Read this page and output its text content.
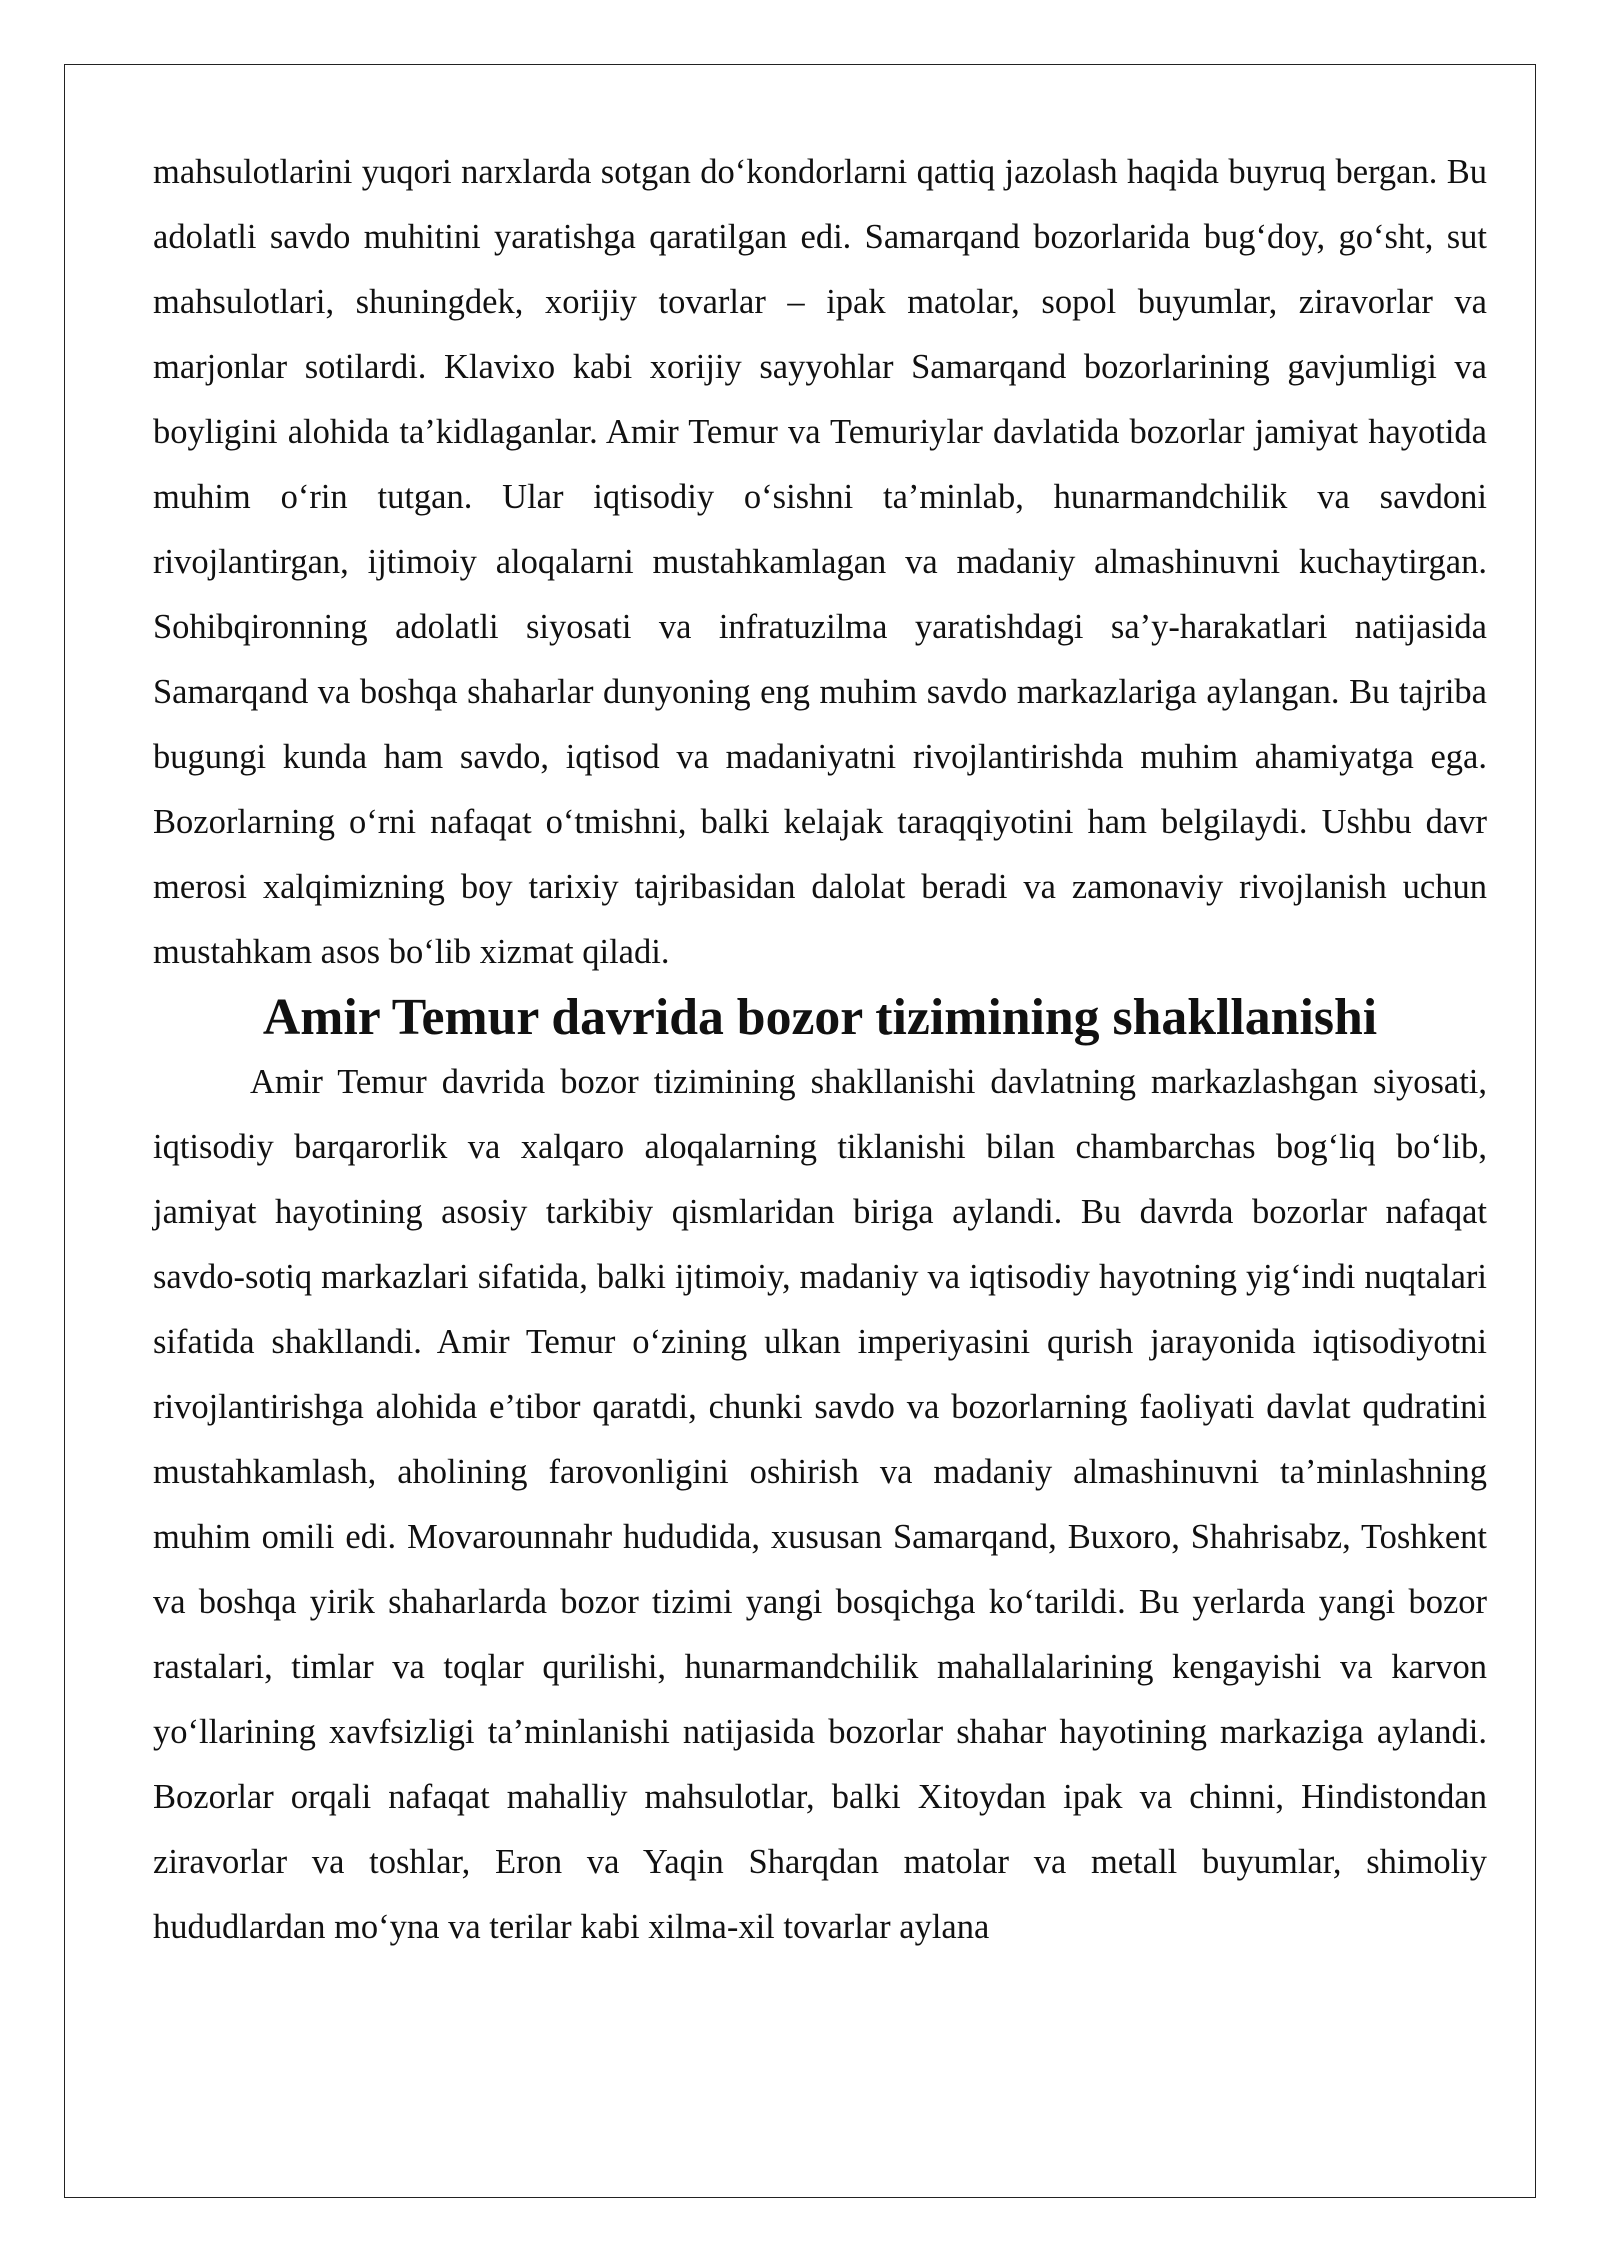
mahsulotlarini yuqori narxlarda sotgan do‘kondorlarni qattiq jazolash haqida buyruq bergan. Bu adolatli savdo muhitini yaratishga qaratilgan edi. Samarqand bozorlarida bug‘doy, go‘sht, sut mahsulotlari, shuningdek, xorijiy tovarlar – ipak matolar, sopol buyumlar, ziravorlar va marjonlar sotilardi. Klavixo kabi xorijiy sayyohlar Samarqand bozorlarining gavjumligi va boyligini alohida ta’kidlaganlar. Amir Temur va Temuriylar davlatida bozorlar jamiyat hayotida muhim o‘rin tutgan. Ular iqtisodiy o‘sishni ta’minlab, hunarmandchilik va savdoni rivojlantirgan, ijtimoiy aloqalarni mustahkamlagan va madaniy almashinuvni kuchaytirgan. Sohibqironning adolatli siyosati va infratuzilma yaratishdagi sa’y-harakatlari natijasida Samarqand va boshqa shaharlar dunyoning eng muhim savdo markazlariga aylangan. Bu tajriba bugungi kunda ham savdo, iqtisod va madaniyatni rivojlantirishda muhim ahamiyatga ega. Bozorlarning o‘rni nafaqat o‘tmishni, balki kelajak taraqqiyotini ham belgilaydi. Ushbu davr merosi xalqimizning boy tarixiy tajribasidan dalolat beradi va zamonaviy rivojlanish uchun mustahkam asos bo‘lib xizmat qiladi.

Amir Temur davrida bozor tizimining shakllanishi

Amir Temur davrida bozor tizimining shakllanishi davlatning markazlashgan siyosati, iqtisodiy barqarorlik va xalqaro aloqalarning tiklanishi bilan chambarchas bog‘liq bo‘lib, jamiyat hayotining asosiy tarkibiy qismlaridan biriga aylandi. Bu davrda bozorlar nafaqat savdo-sotiq markazlari sifatida, balki ijtimoiy, madaniy va iqtisodiy hayotning yig‘indi nuqtalari sifatida shakllandi. Amir Temur o‘zining ulkan imperiyasini qurish jarayonida iqtisodiyotni rivojlantirishga alohida e’tibor qaratdi, chunki savdo va bozorlarning faoliyati davlat qudratini mustahkamlash, aholining farovonligini oshirish va madaniy almashinuvni ta’minlashning muhim omili edi. Movarounnahr hududida, xususan Samarqand, Buxoro, Shahrisabz, Toshkent va boshqa yirik shaharlarda bozor tizimi yangi bosqichga ko‘tarildi. Bu yerlarda yangi bozor rastalari, timlar va toqlar qurilishi, hunarmandchilik mahallalarining kengayishi va karvon yo‘llarining xavfsizligi ta’minlanishi natijasida bozorlar shahar hayotining markaziga aylandi. Bozorlar orqali nafaqat mahalliy mahsulotlar, balki Xitoydan ipak va chinni, Hindistondan ziravorlar va toshlar, Eron va Yaqin Sharqdan matolar va metall buyumlar, shimoliy hududlardan mo‘yna va terilar kabi xilma-xil tovarlar aylana
